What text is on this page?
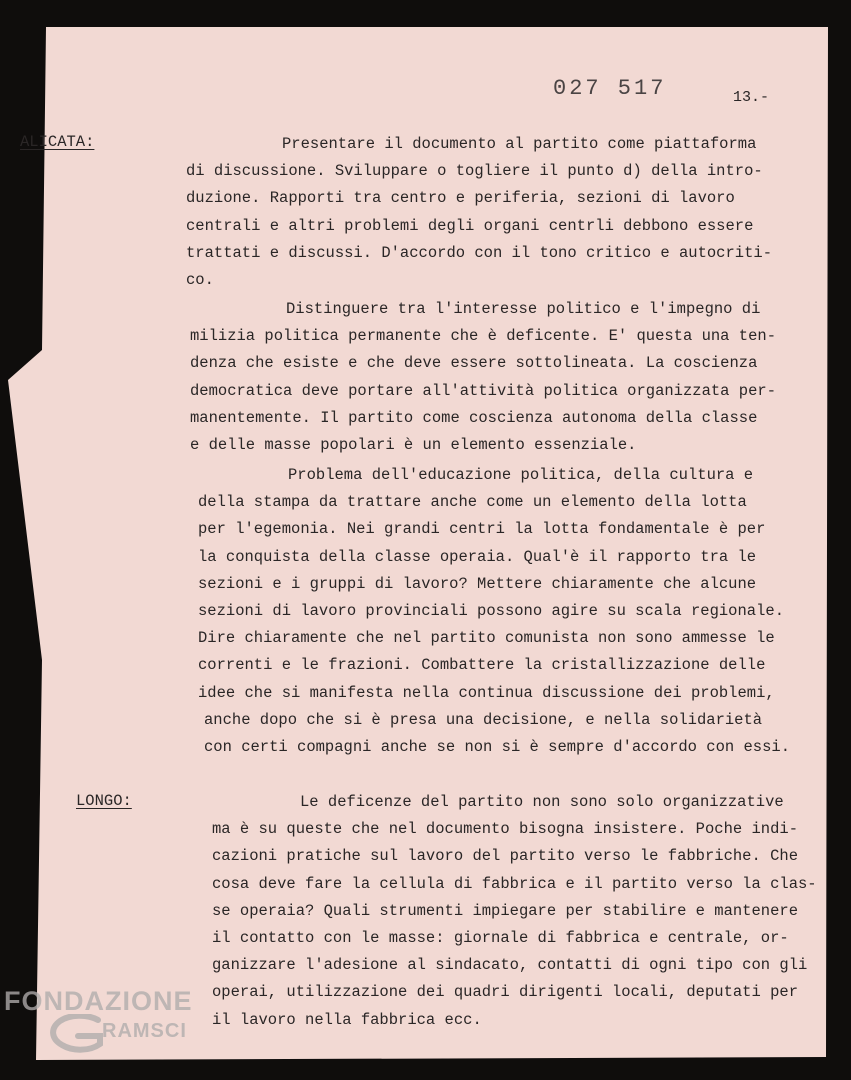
027 517	13.-
ALICATA:	Presentare il documento al partito come piattaforma
di discussione. Sviluppare o togliere il punto d) della intro-
duzione. Rapporti tra centro e periferia, sezioni di lavoro
centrali e altri problemi degli organi centrli debbono essere
trattati e discussi. D'accordo con il tono critico e autocriti-
co.
Distinguere tra l'interesse politico e l'impegno di
milizia politica permanente che è deficente. E' questa una ten-
denza che esiste e che deve essere sottolineata. La coscienza
democratica deve portare all'attività politica organizzata per-
manentemente. Il partito come coscienza autonoma della classe
e delle masse popolari è un elemento essenziale.
Problema dell'educazione politica, della cultura e
della stampa da trattare anche come un elemento della lotta
per l'egemonia. Nei grandi centri la lotta fondamentale è per
la conquista della classe operaia. Qual'è il rapporto tra le
sezioni e i gruppi di lavoro? Mettere chiaramente che alcune
sezioni di lavoro provinciali possono agire su scala regionale.
Dire chiaramente che nel partito comunista non sono ammesse le
correnti e le frazioni. Combattere la cristallizzazione delle
idee che si manifesta nella continua discussione dei problemi,
anche dopo che si è presa una decisione, e nella solidarietà
con certi compagni anche se non si è sempre d'accordo con essi.
LONGO:	Le deficenze del partito non sono solo organizzative
ma è su queste che nel documento bisogna insistere. Poche indi-
cazioni pratiche sul lavoro del partito verso le fabbriche. Che
cosa deve fare la cellula di fabbrica e il partito verso la clas-
se operaia? Quali strumenti impiegare per stabilire e mantenere
il contatto con le masse: giornale di fabbrica e centrale, or-
ganizzare l'adesione al sindacato, contatti di ogni tipo con gli
operai, utilizzazione dei quadri dirigenti locali, deputati per
il lavoro nella fabbrica ecc.
FONDAZIONE
RAMSCI
